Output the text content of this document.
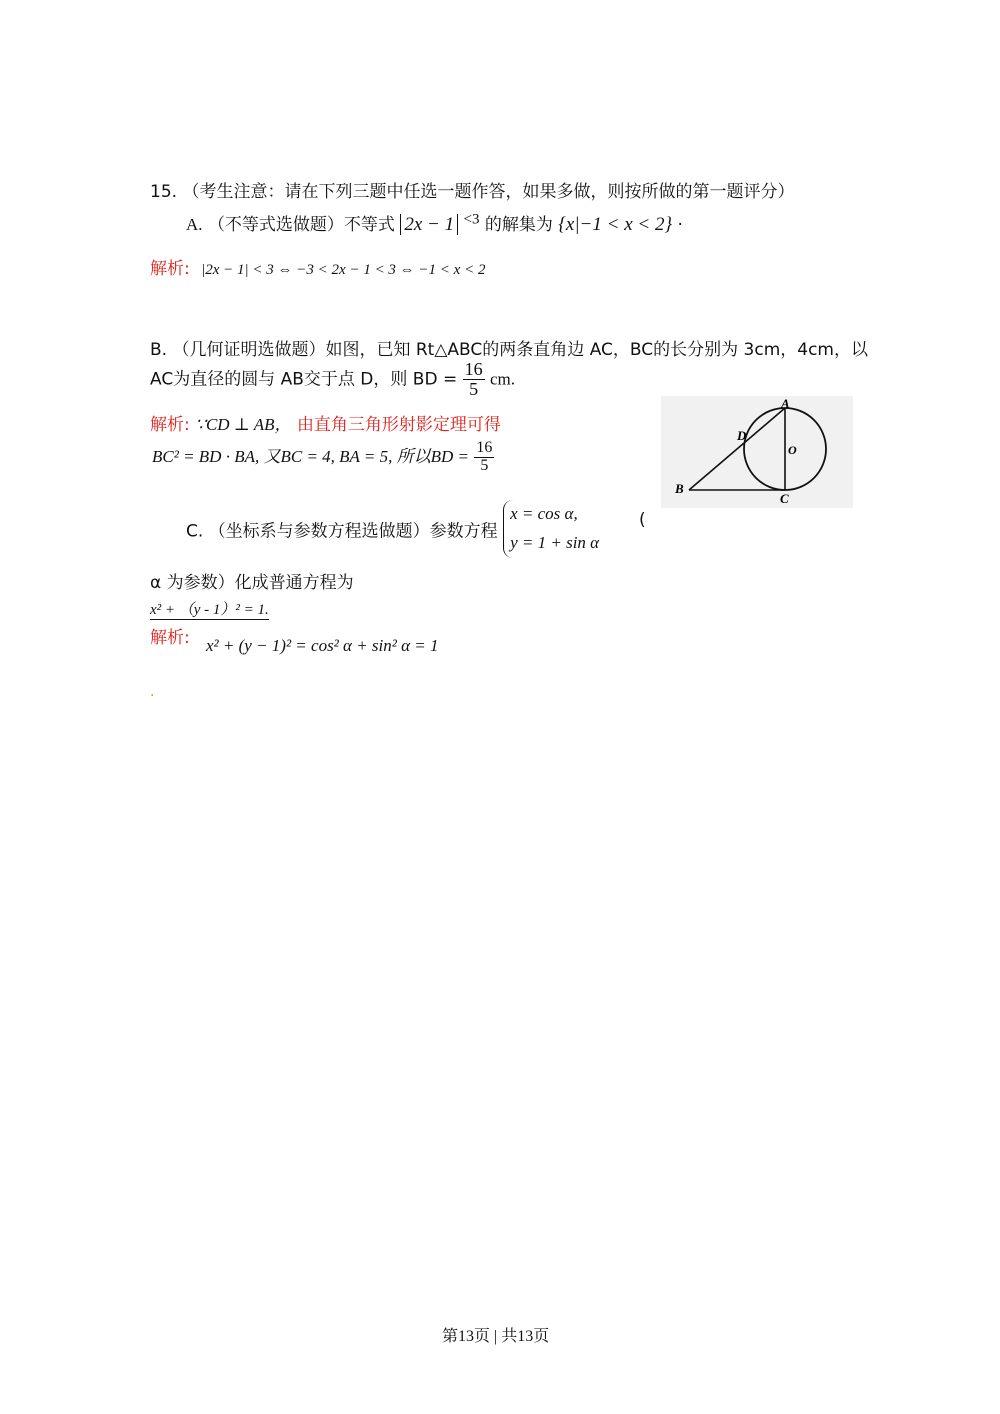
15. （考生注意：请在下列三题中任选一题作答，如果多做，则按所做的第一题评分）
A. （不等式选做题）不等式 2x − 1 <3 的解集为 {x|−1 < x < 2} ·
解析: |2x − 1| < 3 ⇔ −3 < 2x − 1 < 3 ⇔ −1 < x < 2
B. （几何证明选做题）如图，已知 Rt△ABC的两条直角边 AC，BC的长分别为 3cm，4cm，以
AC为直径的圆与 AB交于点 D，则 BD = $\frac{16}{5}$ cm.
解析: ∵CD ⊥ AB， 由直角三角形射影定理可得
BC² = BD · BA, 又BC = 4, BA = 5, 所以BD = $\frac{16}{5}$
A
D
O
B
C
C. （坐标系与参数方程选做题）参数方程
x = cos α,
y = 1 + sin α
(
α 为参数）化成普通方程为
x² + （y - 1）² = 1.
解析: x² + (y − 1)² = cos² α + sin² α = 1
·
第13页 | 共13页
